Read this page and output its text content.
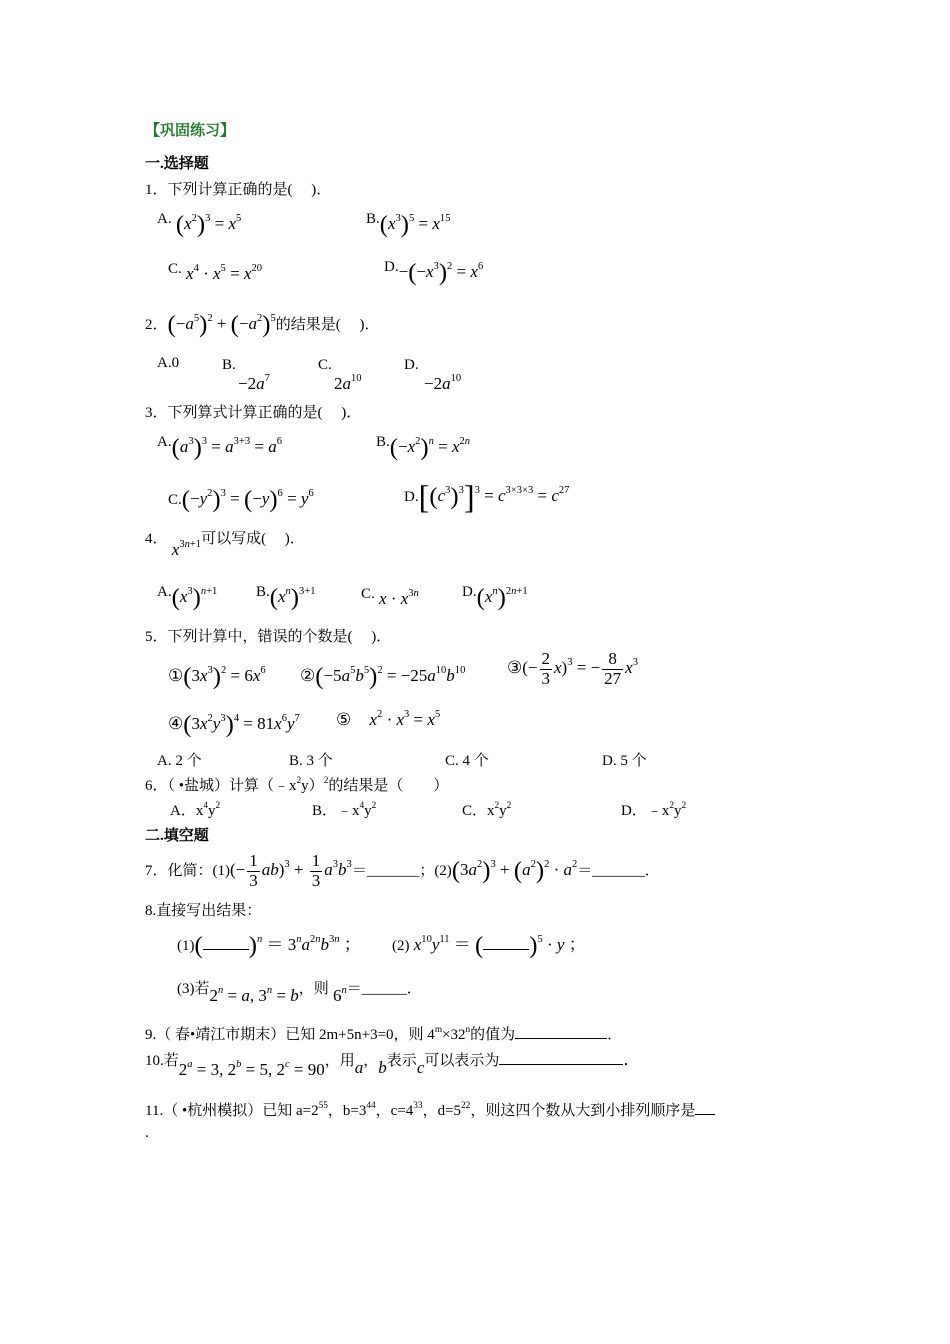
【巩固练习】
一.选择题
1．下列计算正确的是(　 )．
A. $(x^2)^3 = x^5$	$B.(x^3)^5 = x^{15}$
C. $x^4 \cdot x^5 = x^{20}$	$D.-(-x^3)^2 = x^6$
2．$(-a^5)^2 + (-a^2)^5$的结果是(　 )．
A.0	B.
$-2a^7$
C.
$2a^{10}$
D.
$-2a^{10}$
3．下列算式计算正确的是(　 )．
$A.(a^3)^3 = a^{3+3} = a^6$	$B.(-x^2)^n = x^{2n}$
$C.(-y^2)^3 = (-y)^6 = y^6$	$D.[(c^3)^3]^3 = c^{3\times 3\times 3} = c^{27}$
4． $x^{3n+1}$可以写成(　 )．
$A.(x^3)^{n+1}$	$B.(x^n)^{3+1}$	C. $x \cdot x^{3n}$	$D.(x^n)^{2n+1}$
5．下列计算中，错误的个数是(　 )．
$①(3x^3)^2 = 6x^6$ $②(-5a^5b^5)^2 = -25a^{10}b^{10}$ ③(− $\frac{2}{3} x)^3$ = − $\frac{8}{27} x^3$
$④(3x^2y^3)^4 = 81x^6y^7$ ⑤ $x^2 \cdot x^3 = x^5$
A. 2 个	B. 3 个	C. 4 个	D. 5 个
6．（ •盐城）计算$(﹣x^2y)^2$的结果是（　　）
A．$x^4y^2$	B．$﹣x^4y^2$	C．$x^2y^2$	D．$﹣x^2y^2$
二.填空题
7．化简：$(1)(- \frac{1}{3} ab)^3 + \frac{1}{3}$ $a^3b^3=\_\_\_\_\_\_\_$；$(2)(3a^2)^3 + (a^2)^2$ · $a^2=\_\_\_\_\_\_\_$．
8.直接写出结果：
(1)( )$^n = 3^na^{2n}b^{3n}$ ； (2) $x^{10}y^{11}$ ＝ ( )$^5$ · y ；
(3)若$2^n = a$, $3^n = b$，则 $6^n=\_\_\_\_\_\_$．
9.（ 春•靖江市期末）已知 2m+5n+3=0，则 $4^m\times 32^n$的值为	．
10.若$2^a = 3$, $2^b = 5$, $2^c = 90$，用a，b表示c可以表示为	．
11.（ •杭州模拟）已知 $a=2^{55}$，$b=3^{44}$，$c=4^{33}$，$d=5^{22}$，则这四个数从大到小排列顺序是
.
